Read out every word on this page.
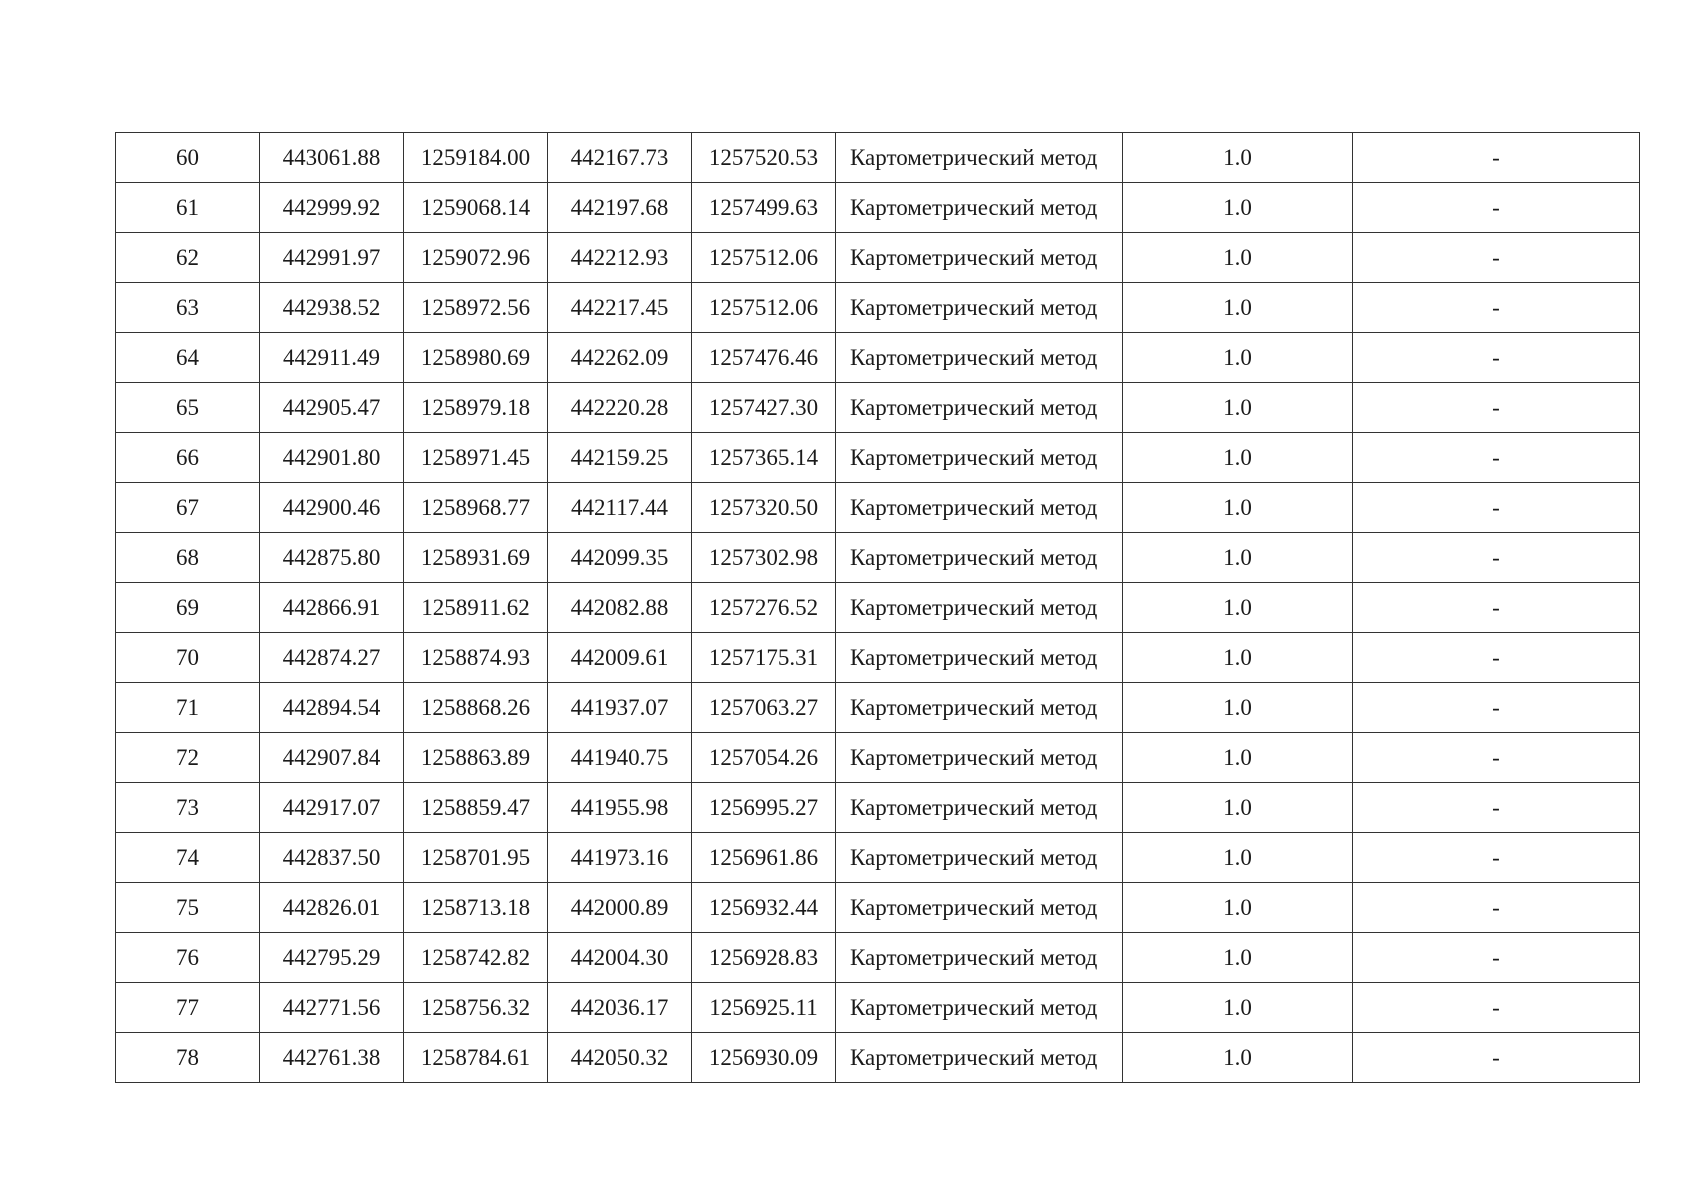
60	443061.88	1259184.00	442167.73	1257520.53	Картометрический метод	1.0	-
61	442999.92	1259068.14	442197.68	1257499.63	Картометрический метод	1.0	-
62	442991.97	1259072.96	442212.93	1257512.06	Картометрический метод	1.0	-
63	442938.52	1258972.56	442217.45	1257512.06	Картометрический метод	1.0	-
64	442911.49	1258980.69	442262.09	1257476.46	Картометрический метод	1.0	-
65	442905.47	1258979.18	442220.28	1257427.30	Картометрический метод	1.0	-
66	442901.80	1258971.45	442159.25	1257365.14	Картометрический метод	1.0	-
67	442900.46	1258968.77	442117.44	1257320.50	Картометрический метод	1.0	-
68	442875.80	1258931.69	442099.35	1257302.98	Картометрический метод	1.0	-
69	442866.91	1258911.62	442082.88	1257276.52	Картометрический метод	1.0	-
70	442874.27	1258874.93	442009.61	1257175.31	Картометрический метод	1.0	-
71	442894.54	1258868.26	441937.07	1257063.27	Картометрический метод	1.0	-
72	442907.84	1258863.89	441940.75	1257054.26	Картометрический метод	1.0	-
73	442917.07	1258859.47	441955.98	1256995.27	Картометрический метод	1.0	-
74	442837.50	1258701.95	441973.16	1256961.86	Картометрический метод	1.0	-
75	442826.01	1258713.18	442000.89	1256932.44	Картометрический метод	1.0	-
76	442795.29	1258742.82	442004.30	1256928.83	Картометрический метод	1.0	-
77	442771.56	1258756.32	442036.17	1256925.11	Картометрический метод	1.0	-
78	442761.38	1258784.61	442050.32	1256930.09	Картометрический метод	1.0	-
